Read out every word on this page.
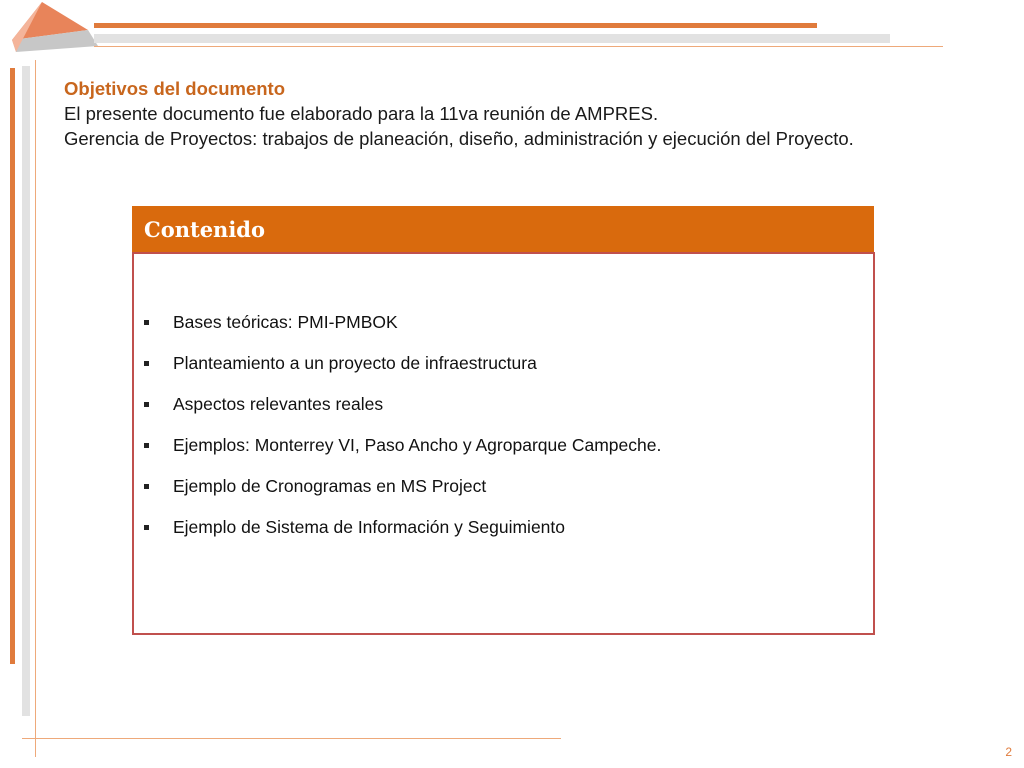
Objetivos del documento
El presente documento fue elaborado para la 11va reunión de AMPRES.
Gerencia de Proyectos: trabajos de planeación, diseño, administración y ejecución del Proyecto.
Contenido
Bases teóricas: PMI-PMBOK
Planteamiento a un proyecto de infraestructura
Aspectos relevantes reales
Ejemplos: Monterrey VI, Paso Ancho y Agroparque Campeche.
Ejemplo de Cronogramas en MS Project
Ejemplo de Sistema de Información y Seguimiento
2
